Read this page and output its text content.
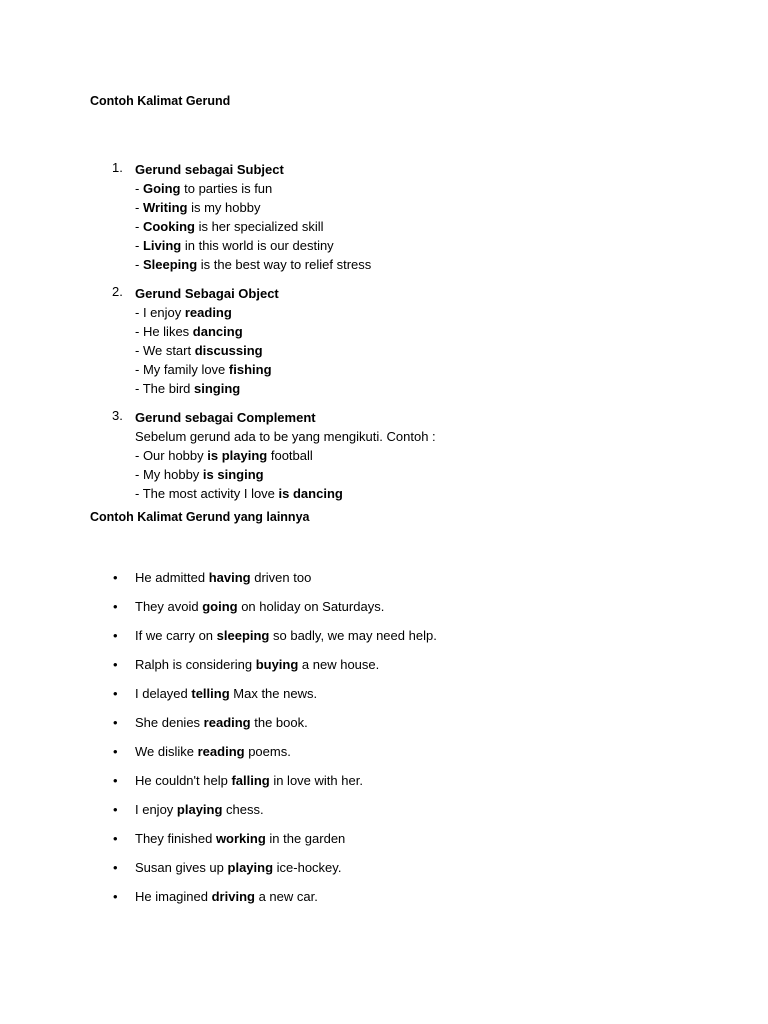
Contoh Kalimat Gerund
1. Gerund sebagai Subject
- Going to parties is fun
- Writing is my hobby
- Cooking is her specialized skill
- Living in this world is our destiny
- Sleeping is the best way to relief stress
2. Gerund Sebagai Object
- I enjoy reading
- He likes dancing
- We start discussing
- My family love fishing
- The bird singing
3. Gerund sebagai Complement
Sebelum gerund ada to be yang mengikuti. Contoh :
- Our hobby is playing football
- My hobby is singing
- The most activity I love is dancing
Contoh Kalimat Gerund yang lainnya
• He admitted having driven too
• They avoid going on holiday on Saturdays.
• If we carry on sleeping so badly, we may need help.
• Ralph is considering buying a new house.
• I delayed telling Max the news.
• She denies reading the book.
• We dislike reading poems.
• He couldn't help falling in love with her.
• I enjoy playing chess.
• They finished working in the garden
• Susan gives up playing ice-hockey.
• He imagined driving a new car.
